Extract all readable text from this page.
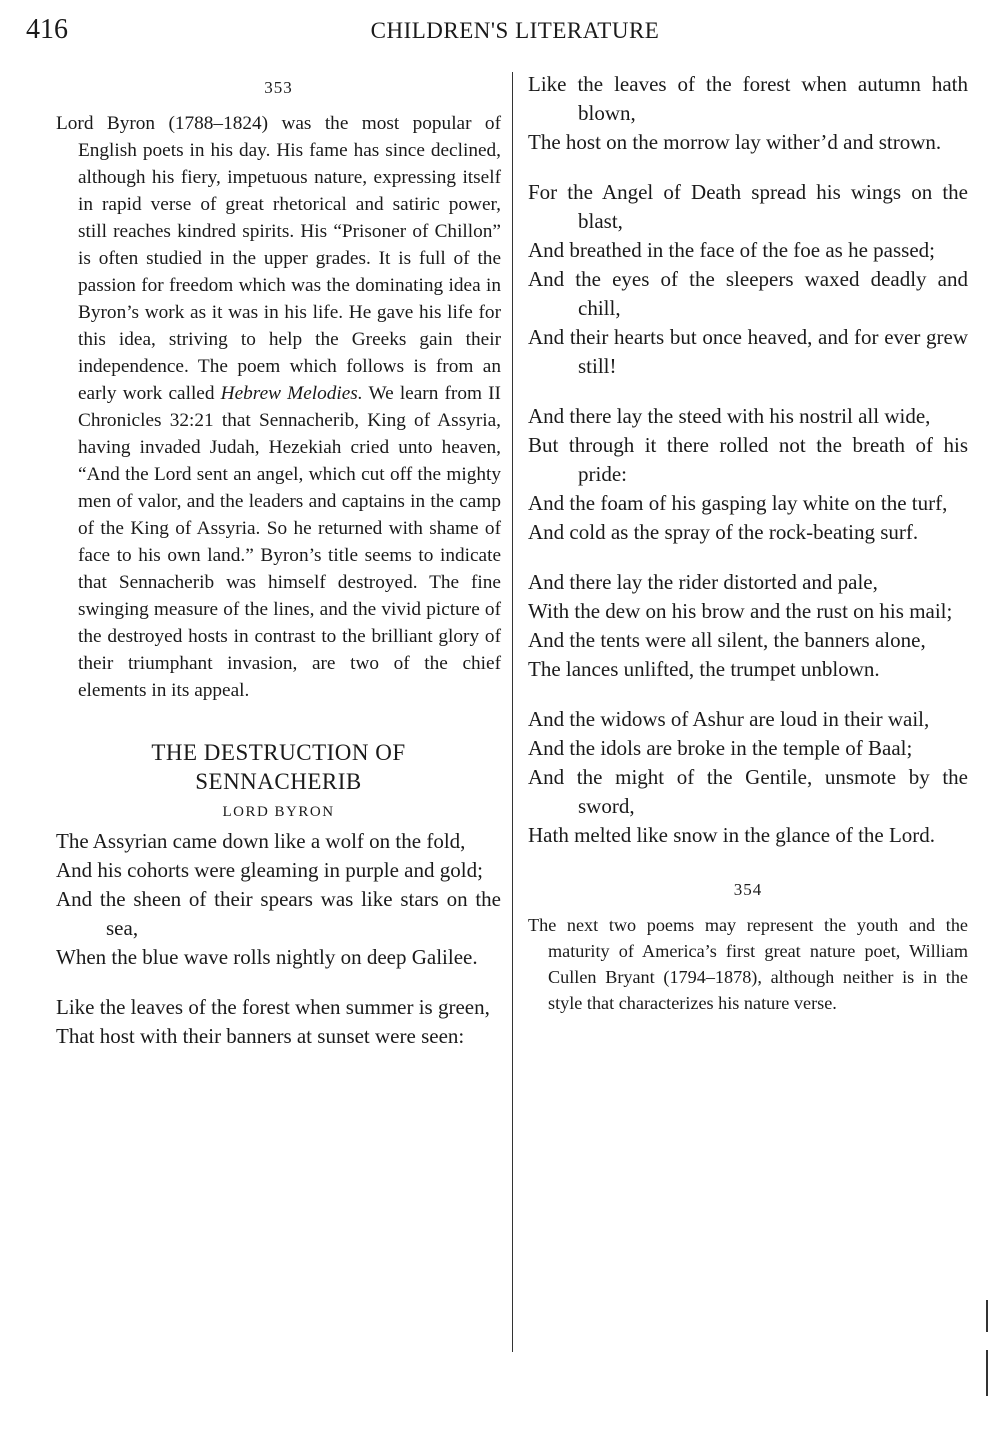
416	CHILDREN'S LITERATURE
353

Lord Byron (1788–1824) was the most popular of English poets in his day. His fame has since declined, although his fiery, impetuous nature, expressing itself in rapid verse of great rhetorical and satiric power, still reaches kindred spirits. His “Prisoner of Chillon” is often studied in the upper grades. It is full of the passion for freedom which was the dominating idea in Byron’s work as it was in his life. He gave his life for this idea, striving to help the Greeks gain their independence. The poem which follows is from an early work called Hebrew Melodies. We learn from II Chronicles 32:21 that Sennacherib, King of Assyria, having invaded Judah, Hezekiah cried unto heaven, “And the Lord sent an angel, which cut off the mighty men of valor, and the leaders and captains in the camp of the King of Assyria. So he returned with shame of face to his own land.” Byron’s title seems to indicate that Sennacherib was himself destroyed. The fine swinging measure of the lines, and the vivid picture of the destroyed hosts in contrast to the brilliant glory of their triumphant invasion, are two of the chief elements in its appeal.

THE DESTRUCTION OF
SENNACHERIB
LORD BYRON
The Assyrian came down like a wolf on the fold,
And his cohorts were gleaming in purple and gold;
And the sheen of their spears was like stars on the sea,
When the blue wave rolls nightly on deep Galilee.
Like the leaves of the forest when summer is green,
That host with their banners at sunset were seen:
Like the leaves of the forest when autumn hath blown,
The host on the morrow lay wither’d and strown.
For the Angel of Death spread his wings on the blast,
And breathed in the face of the foe as he passed;
And the eyes of the sleepers waxed deadly and chill,
And their hearts but once heaved, and for ever grew still!
And there lay the steed with his nostril all wide,
But through it there rolled not the breath of his pride:
And the foam of his gasping lay white on the turf,
And cold as the spray of the rock-beating surf.
And there lay the rider distorted and pale,
With the dew on his brow and the rust on his mail;
And the tents were all silent, the banners alone,
The lances unlifted, the trumpet unblown.
And the widows of Ashur are loud in their wail,
And the idols are broke in the temple of Baal;
And the might of the Gentile, unsmote by the sword,
Hath melted like snow in the glance of the Lord.
354

The next two poems may represent the youth and the maturity of America’s first great nature poet, William Cullen Bryant (1794–1878), although neither is in the style that characterizes his nature verse.
